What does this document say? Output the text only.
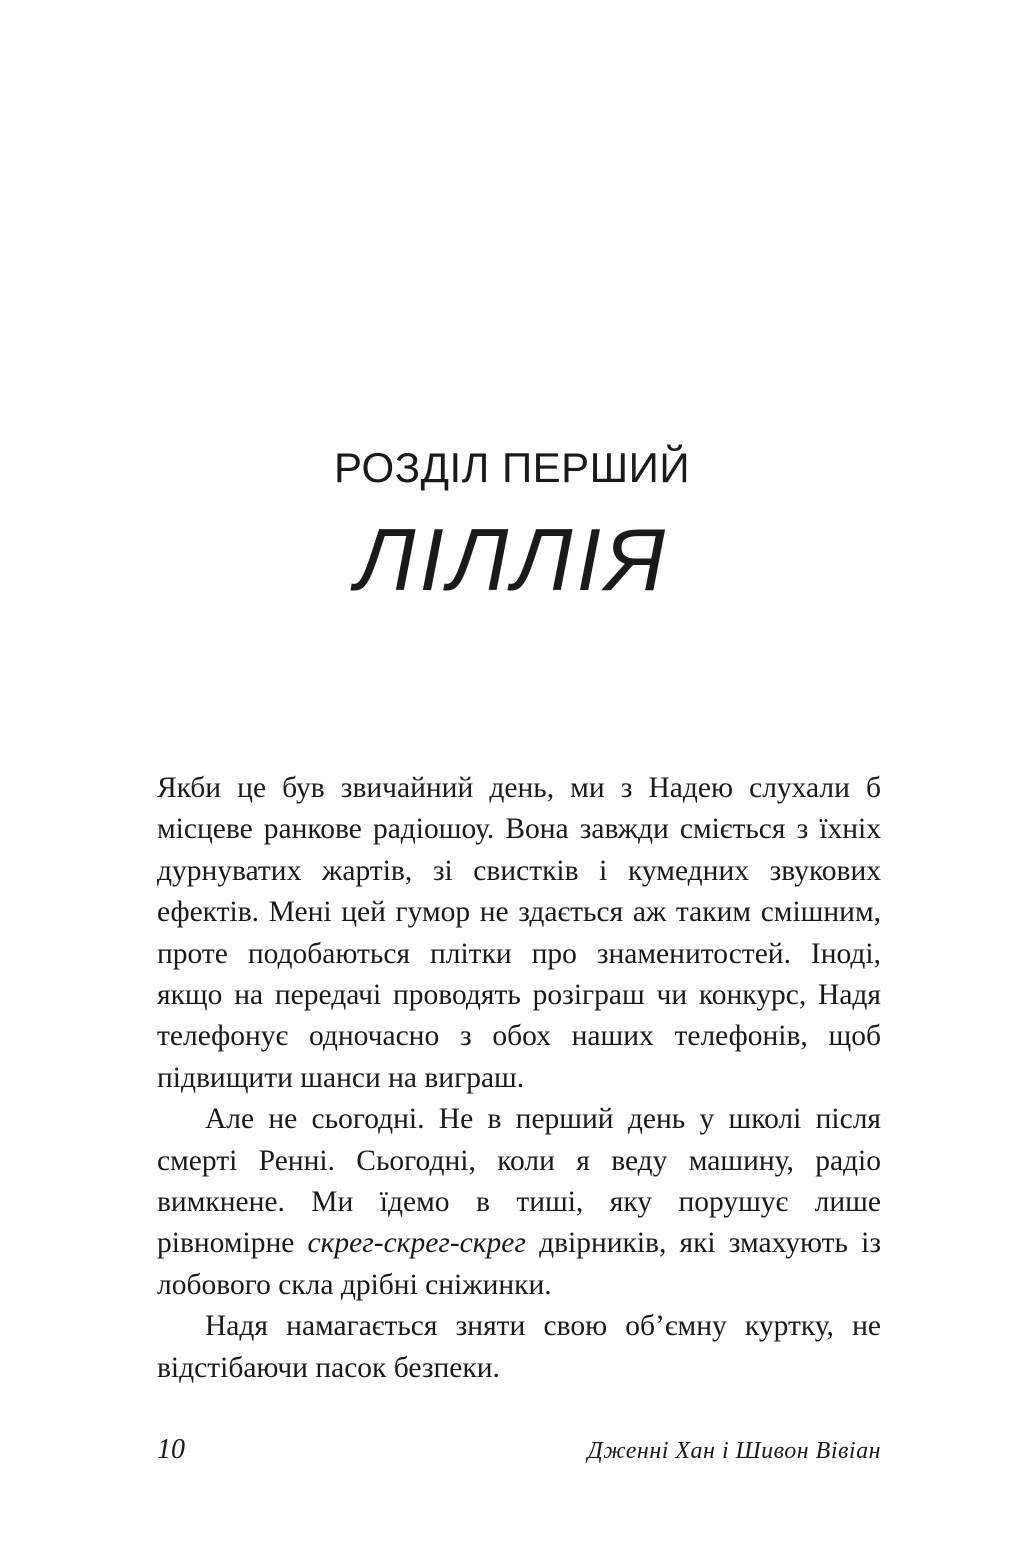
РОЗДІЛ ПЕРШИЙ
ЛІЛЛІЯ

Якби це був звичайний день, ми з Надею слухали б місцеве ранкове радіошоу. Вона завжди сміється з їхніх дурнуватих жартів, зі свистків і кумедних звукових ефектів. Мені цей гумор не здається аж таким смішним, проте подобаються плітки про знаменитостей. Іноді, якщо на передачі проводять розіграш чи конкурс, Надя телефонує одночасно з обох наших телефонів, щоб підвищити шанси на виграш.

Але не сьогодні. Не в перший день у школі після смерті Ренні. Сьогодні, коли я веду машину, радіо вимкнене. Ми їдемо в тиші, яку порушує лише рівномірне скрег-скрег-скрег двірників, які змахують із лобового скла дрібні сніжинки.

Надя намагається зняти свою об’ємну куртку, не відстібаючи пасок безпеки.

10	Дженні Хан і Шивон Вівіан
